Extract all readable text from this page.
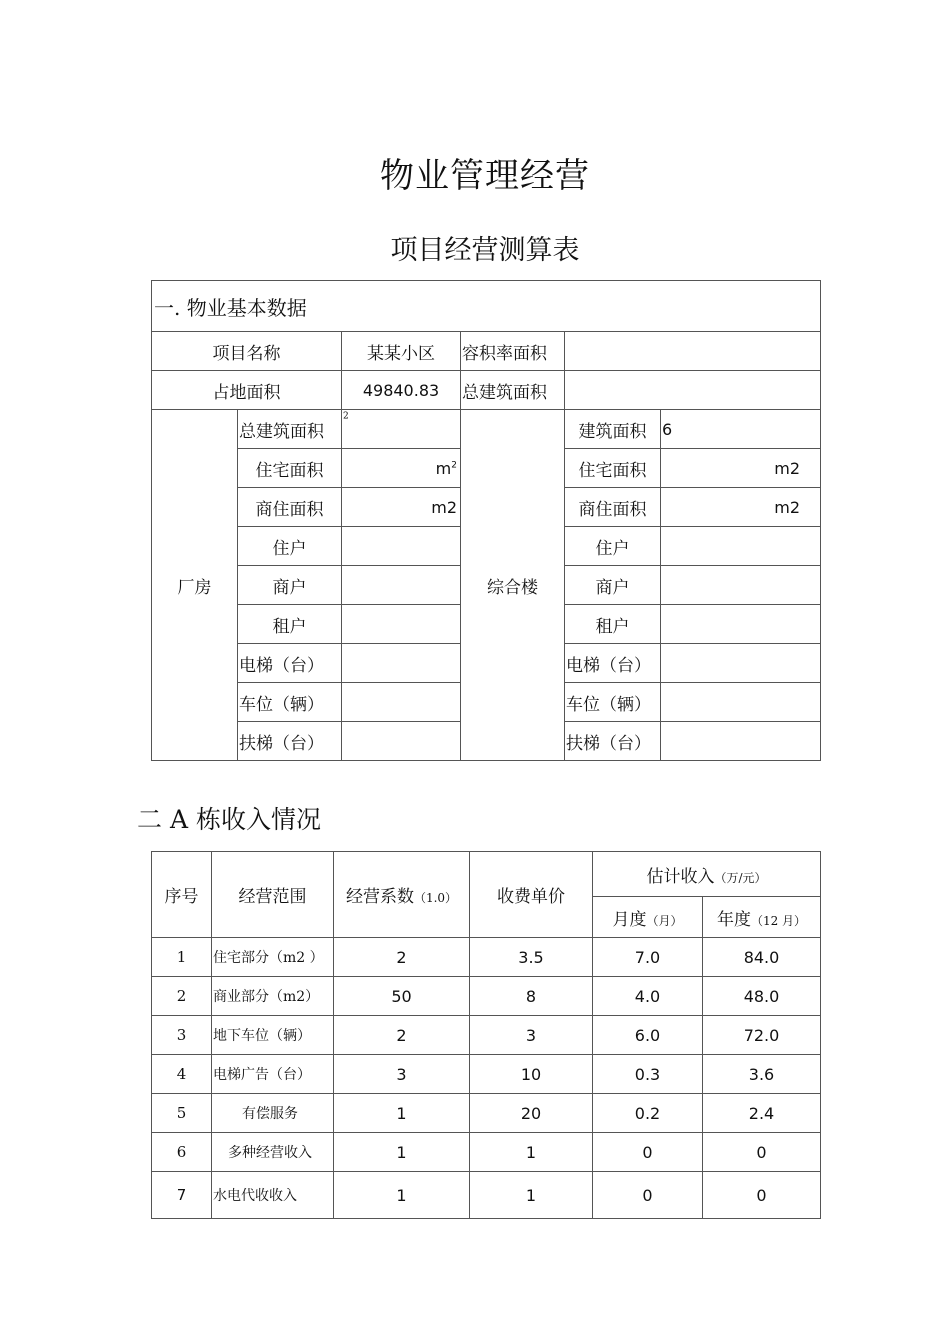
物业管理经营
项目经营测算表
一. 物业基本数据					
项目名称		某某小区	容积率面积		
占地面积		49840.83	总建筑面积		
厂房	总建筑面积	$^2$	综合楼	建筑面积	6
	住宅面积	$m^2$		住宅面积	m2
	商住面积	m2		商住面积	m2
	住户			住户	
	商户			商户	
	租户			租户	
	电梯（台）			电梯（台）	
	车位（辆）			车位（辆）	
	扶梯（台）			扶梯（台）	
二 A 栋收入情况
序号	经营范围	经营系数（1.0）	收费单价	估计收入（万/元）	
				月度（月）	年度（12 月）
1	住宅部分（m2 ）	2	3.5	7.0	84.0
2	商业部分（m2）	50	8	4.0	48.0
3	地下车位（辆）	2	3	6.0	72.0
4	电梯广告（台）	3	10	0.3	3.6
5	有偿服务	1	20	0.2	2.4
6	多种经营收入	1	1	0	0
7	水电代收收入	1	1	0	0
